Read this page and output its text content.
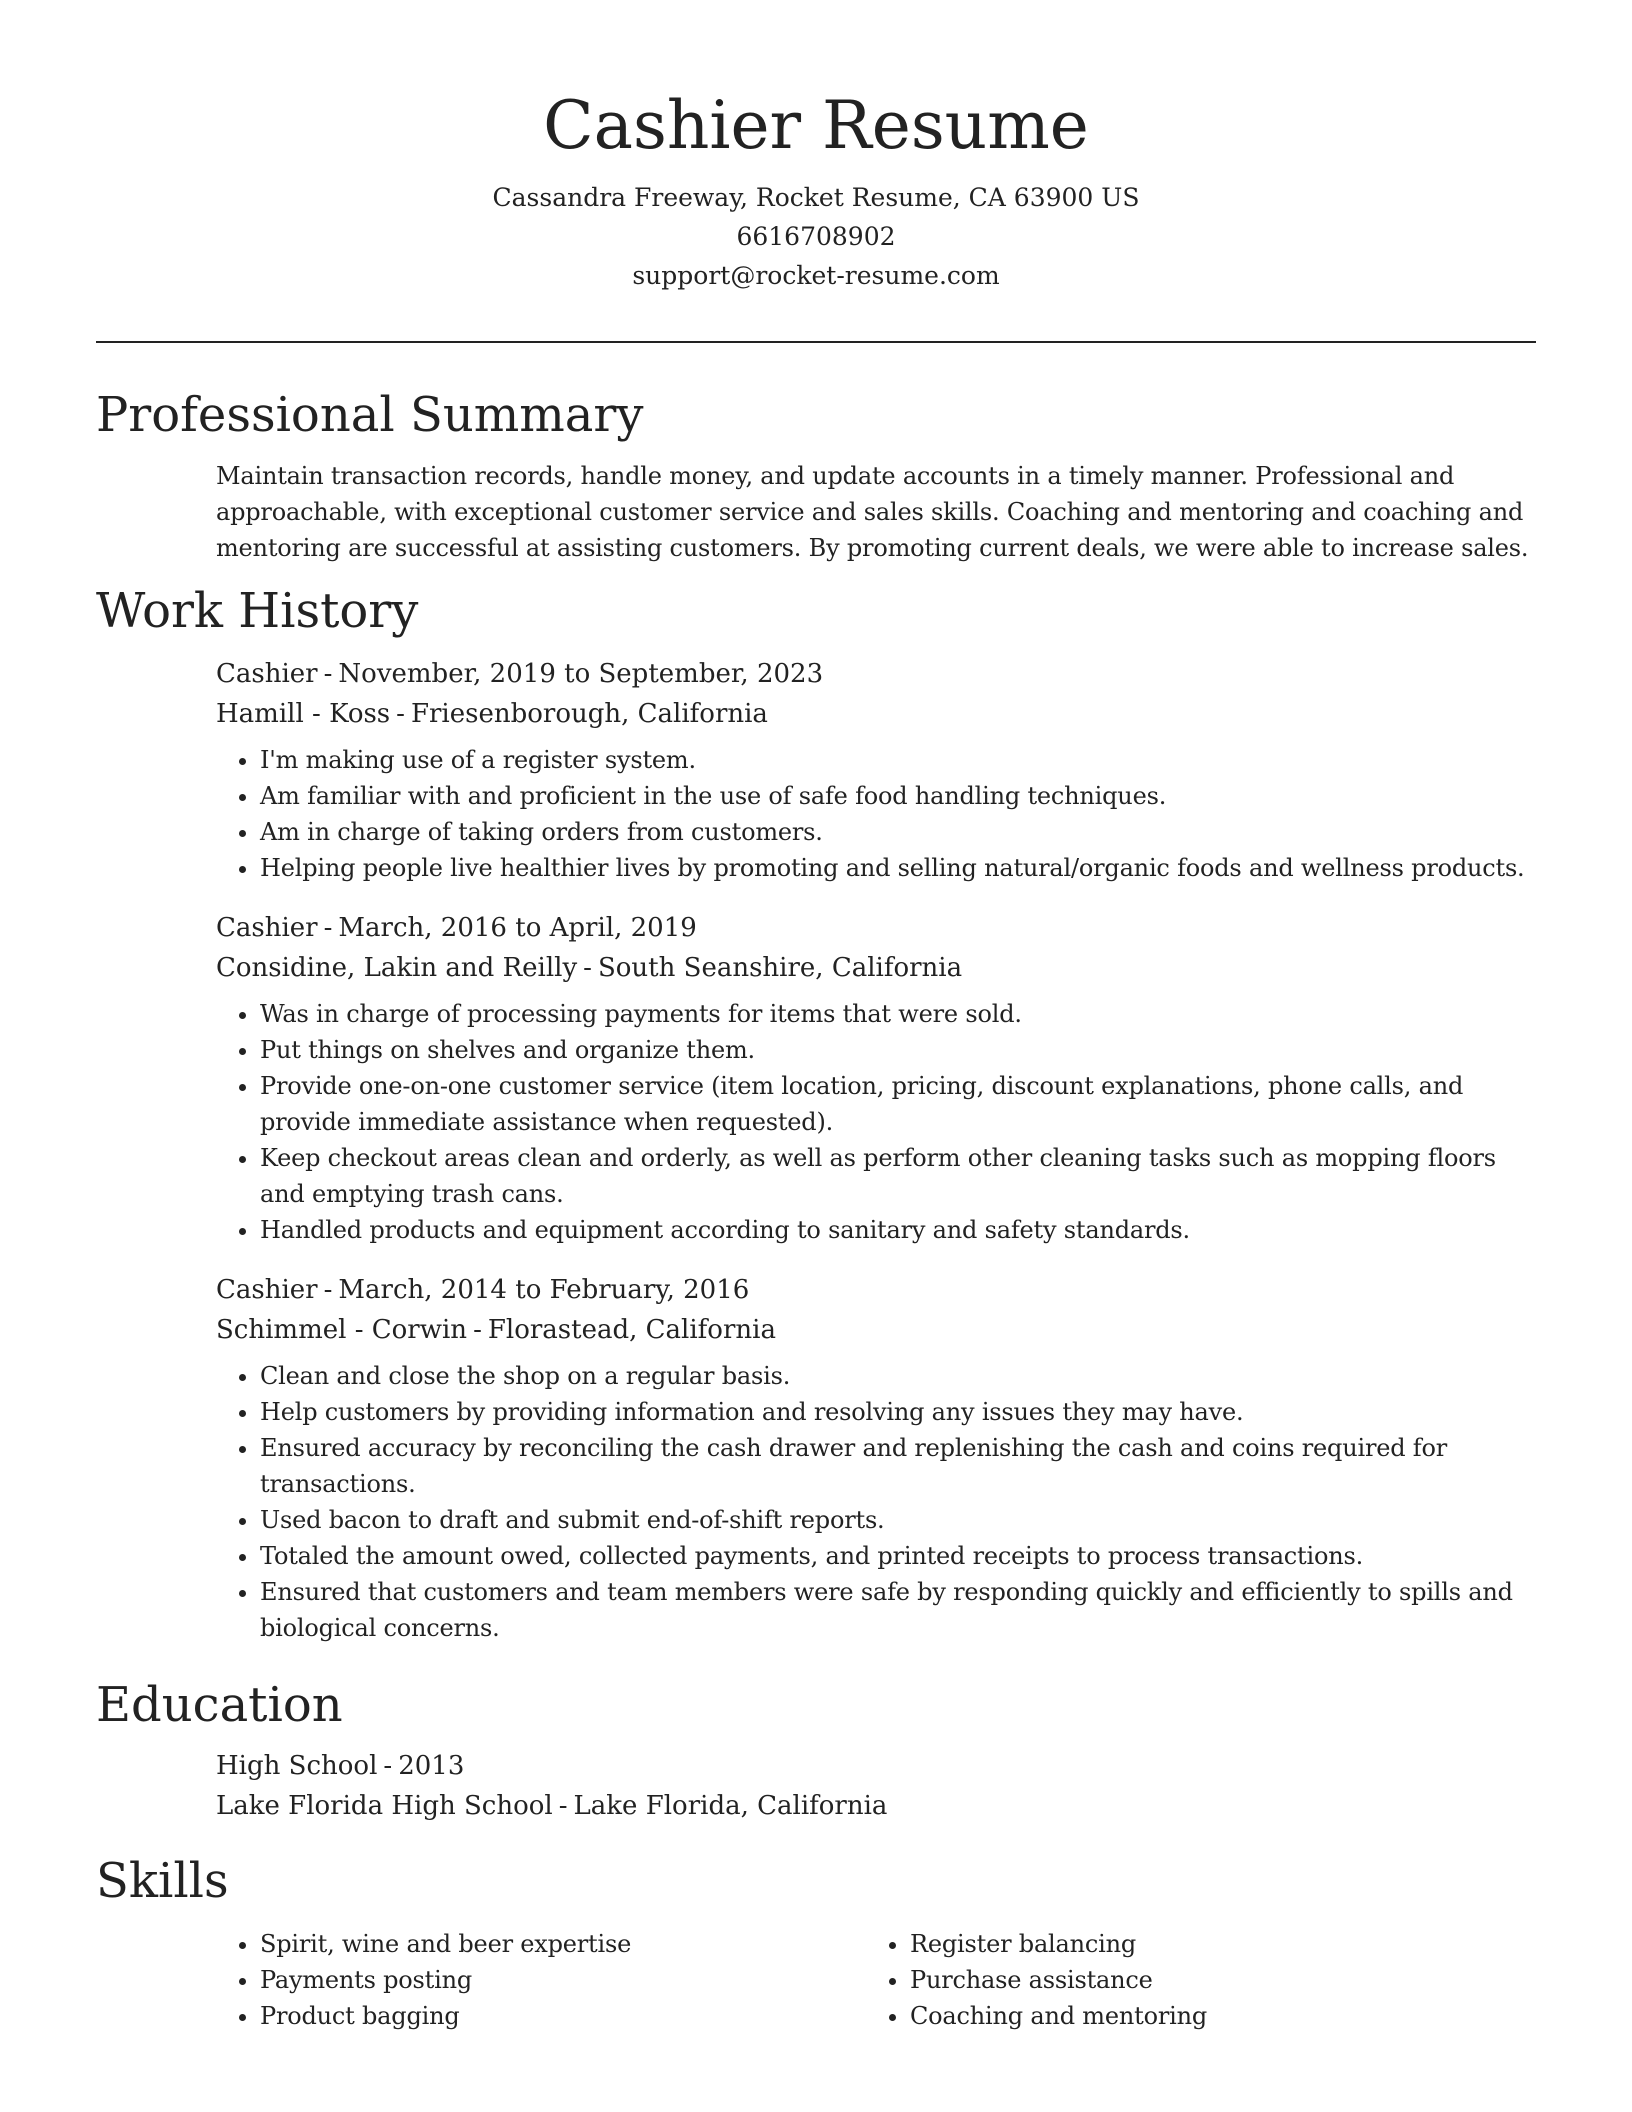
Cashier Resume

Cassandra Freeway, Rocket Resume, CA 63900 US

6616708902

support@rocket-resume.com

Professional Summary

Maintain transaction records, handle money, and update accounts in a timely manner. Professional and approachable, with exceptional customer service and sales skills. Coaching and mentoring and coaching and mentoring are successful at assisting customers. By promoting current deals, we were able to increase sales.

Work History

Cashier - November, 2019 to September, 2023

Hamill - Koss - Friesenborough, California

• I'm making use of a register system.
• Am familiar with and proficient in the use of safe food handling techniques.
• Am in charge of taking orders from customers.
• Helping people live healthier lives by promoting and selling natural/organic foods and wellness products.

Cashier - March, 2016 to April, 2019

Considine, Lakin and Reilly - South Seanshire, California

• Was in charge of processing payments for items that were sold.
• Put things on shelves and organize them.
• Provide one-on-one customer service (item location, pricing, discount explanations, phone calls, and provide immediate assistance when requested).
• Keep checkout areas clean and orderly, as well as perform other cleaning tasks such as mopping floors and emptying trash cans.
• Handled products and equipment according to sanitary and safety standards.

Cashier - March, 2014 to February, 2016

Schimmel - Corwin - Florastead, California

• Clean and close the shop on a regular basis.
• Help customers by providing information and resolving any issues they may have.
• Ensured accuracy by reconciling the cash drawer and replenishing the cash and coins required for transactions.
• Used bacon to draft and submit end-of-shift reports.
• Totaled the amount owed, collected payments, and printed receipts to process transactions.
• Ensured that customers and team members were safe by responding quickly and efficiently to spills and biological concerns.
Education

High School - 2013

Lake Florida High School - Lake Florida, California

Skills
• Spirit, wine and beer expertise
• Payments posting
• Product bagging
• Register balancing
• Purchase assistance
• Coaching and mentoring
